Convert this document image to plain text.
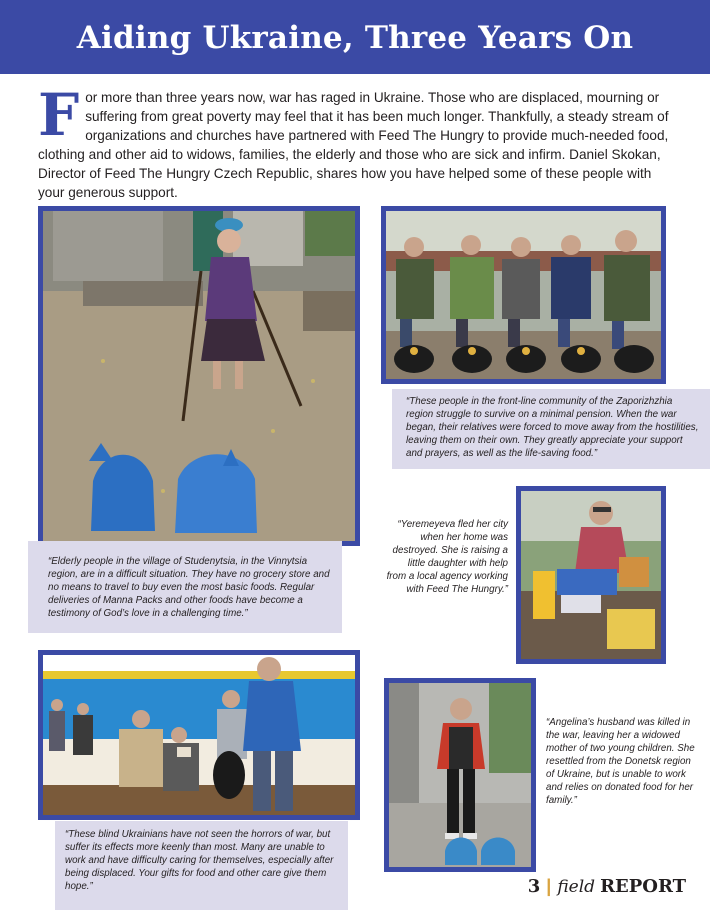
Aiding Ukraine, Three Years On
For more than three years now, war has raged in Ukraine. Those who are displaced, mourning or suffering from great poverty may feel that it has been much longer. Thankfully, a steady stream of organizations and churches have partnered with Feed The Hungry to provide much-needed food, clothing and other aid to widows, families, the elderly and those who are sick and infirm. Daniel Skokan, Director of Feed The Hungry Czech Republic, shares how you have helped some of these people with your generous support.
“Elderly people in the village of Studenytsia, in the Vinnytsia region, are in a difficult situation. They have no grocery store and no means to travel to buy even the most basic foods. Regular deliveries of Manna Packs and other foods have become a testimony of God’s love in a challenging time.”
“These people in the front-line community of the Zaporizhzhia region struggle to survive on a minimal pension. When the war began, their relatives were forced to move away from the hostilities, leaving them on their own. They greatly appreciate your support and prayers, as well as the life-saving food.”
“Yeremeyeva fled her city when her home was destroyed. She is raising a little daughter with help from a local agency working with Feed The Hungry.”
“These blind Ukrainians have not seen the horrors of war, but suffer its effects more keenly than most. Many are unable to work and have difficulty caring for themselves, especially after being displaced. Your gifts for food and other care give them hope.”
“Angelina’s husband was killed in the war, leaving her a widowed mother of two young children. She resettled from the Donetsk region of Ukraine, but is unable to work and relies on donated food for her family.”
3 | field REPORT
